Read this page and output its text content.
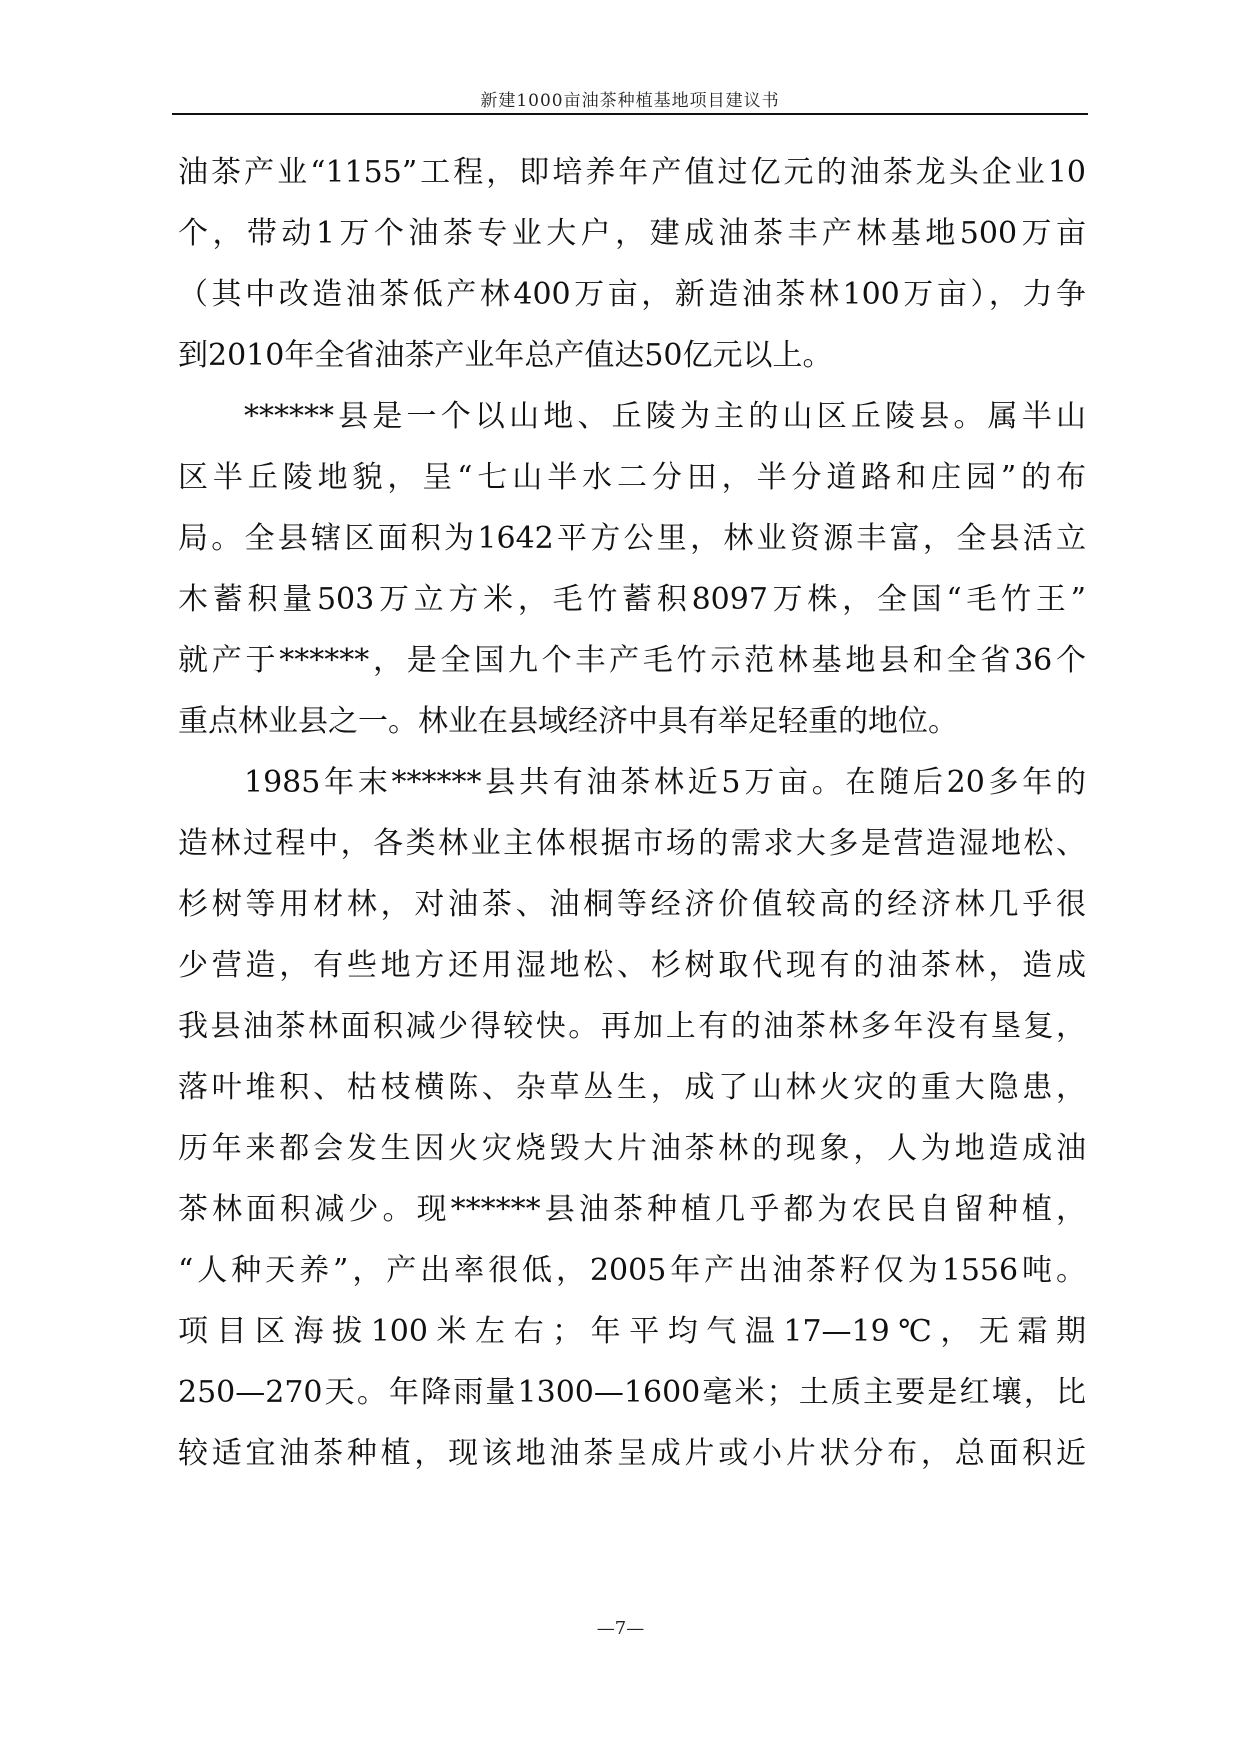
新建1000亩油茶种植基地项目建议书
油茶产业“1155”工程，即培养年产值过亿元的油茶龙头企业10
个，带动1万个油茶专业大户，建成油茶丰产林基地500万亩
（其中改造油茶低产林400万亩，新造油茶林100万亩），力争
到2010年全省油茶产业年总产值达50亿元以上。
******县是一个以山地、丘陵为主的山区丘陵县。属半山
区半丘陵地貌，呈“七山半水二分田，半分道路和庄园”的布
局。全县辖区面积为1642平方公里，林业资源丰富，全县活立
木蓄积量503万立方米，毛竹蓄积8097万株，全国“毛竹王”
就产于******，是全国九个丰产毛竹示范林基地县和全省36个
重点林业县之一。林业在县域经济中具有举足轻重的地位。
1985年末******县共有油茶林近5万亩。在随后20多年的
造林过程中，各类林业主体根据市场的需求大多是营造湿地松、
杉树等用材林，对油茶、油桐等经济价值较高的经济林几乎很
少营造，有些地方还用湿地松、杉树取代现有的油茶林，造成
我县油茶林面积减少得较快。再加上有的油茶林多年没有垦复，
落叶堆积、枯枝横陈、杂草丛生，成了山林火灾的重大隐患，
历年来都会发生因火灾烧毁大片油茶林的现象，人为地造成油
茶林面积减少。现******县油茶种植几乎都为农民自留种植，
“人种天养”，产出率很低，2005年产出油茶籽仅为1556吨。
项目区海拔100米左右；年平均气温17—19℃，无霜期
250—270天。年降雨量1300—1600毫米；土质主要是红壤，比
较适宜油茶种植，现该地油茶呈成片或小片状分布，总面积近
—7—
